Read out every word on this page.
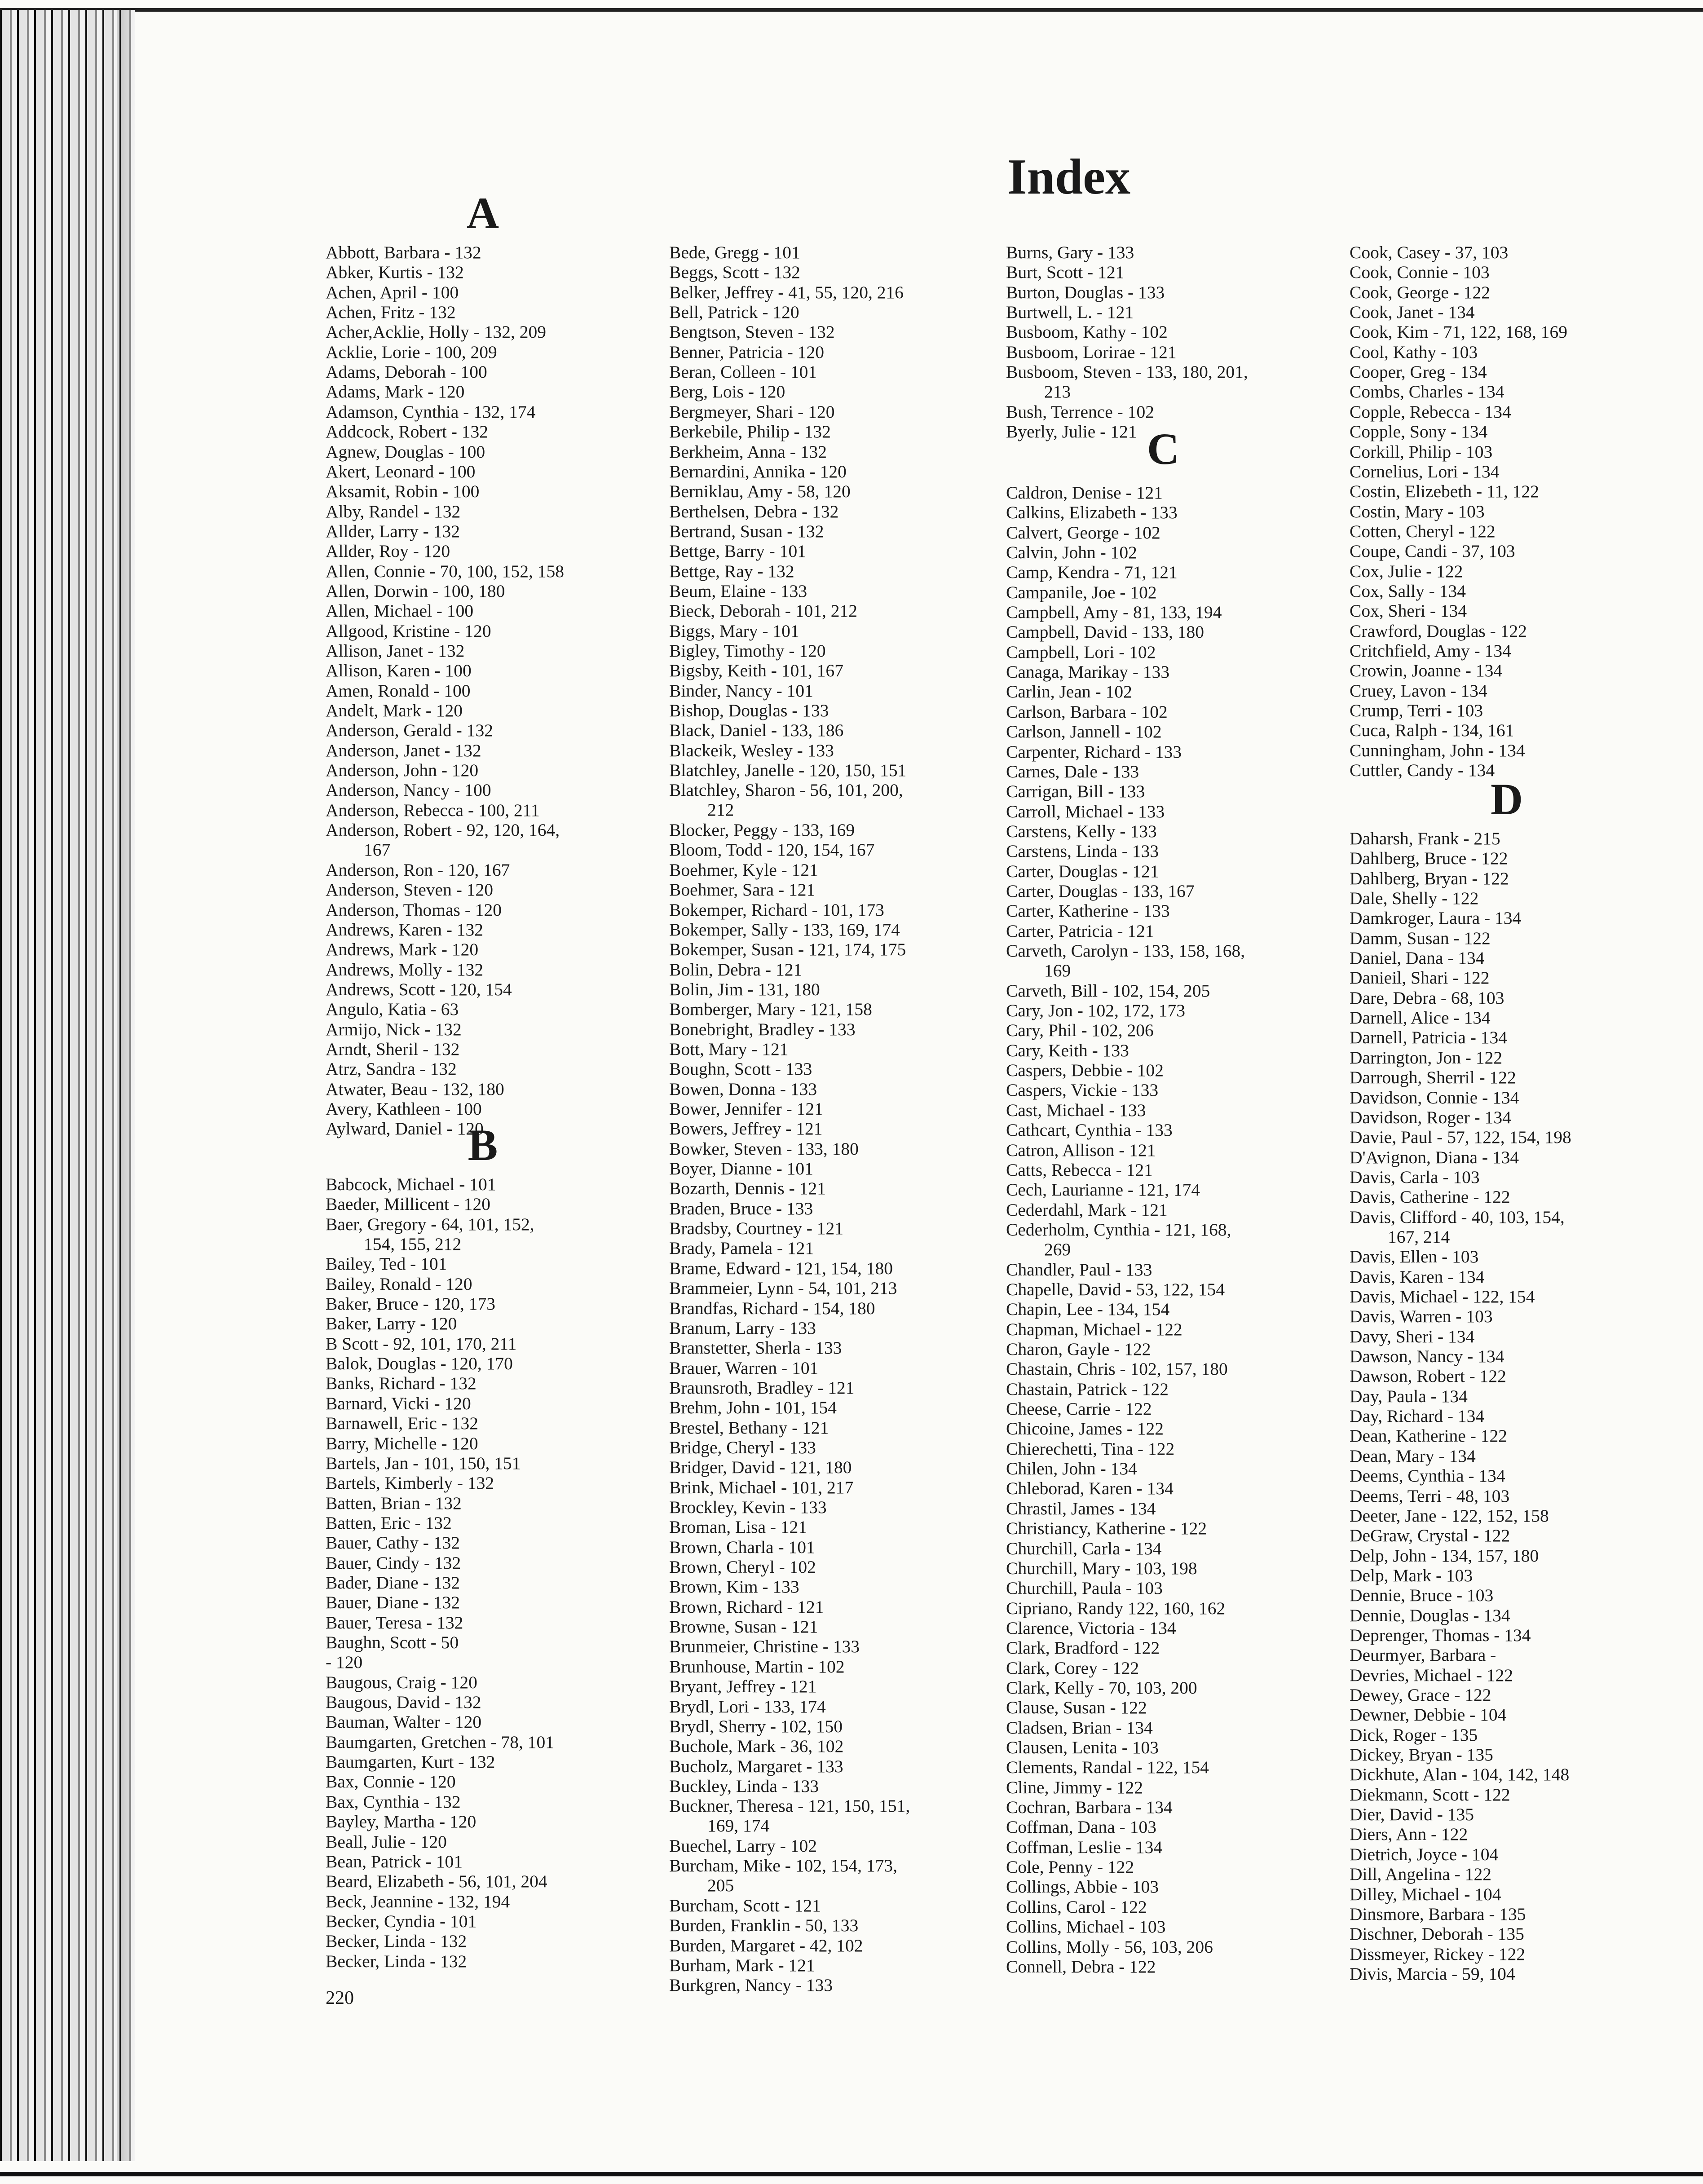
Index
A
Abbott, Barbara - 132
Abker, Kurtis - 132
Achen, April - 100
Achen, Fritz - 132
Acher,Acklie, Holly - 132, 209
Acklie, Lorie - 100, 209
Adams, Deborah - 100
Adams, Mark - 120
Adamson, Cynthia - 132, 174
Addcock, Robert - 132
Agnew, Douglas - 100
Akert, Leonard - 100
Aksamit, Robin - 100
Alby, Randel - 132
Allder, Larry - 132
Allder, Roy - 120
Allen, Connie - 70, 100, 152, 158
Allen, Dorwin - 100, 180
Allen, Michael - 100
Allgood, Kristine - 120
Allison, Janet - 132
Allison, Karen - 100
Amen, Ronald - 100
Andelt, Mark - 120
Anderson, Gerald - 132
Anderson, Janet - 132
Anderson, John - 120
Anderson, Nancy - 100
Anderson, Rebecca - 100, 211
Anderson, Robert - 92, 120, 164,
167
Anderson, Ron - 120, 167
Anderson, Steven - 120
Anderson, Thomas - 120
Andrews, Karen - 132
Andrews, Mark - 120
Andrews, Molly - 132
Andrews, Scott - 120, 154
Angulo, Katia - 63
Armijo, Nick - 132
Arndt, Sheril - 132
Atrz, Sandra - 132
Atwater, Beau - 132, 180
Avery, Kathleen - 100
Aylward, Daniel - 120
B
Babcock, Michael - 101
Baeder, Millicent - 120
Baer, Gregory - 64, 101, 152,
154, 155, 212
Bailey, Ted - 101
Bailey, Ronald - 120
Baker, Bruce - 120, 173
Baker, Larry - 120
B Scott - 92, 101, 170, 211
Balok, Douglas - 120, 170
Banks, Richard - 132
Barnard, Vicki - 120
Barnawell, Eric - 132
Barry, Michelle - 120
Bartels, Jan - 101, 150, 151
Bartels, Kimberly - 132
Batten, Brian - 132
Batten, Eric - 132
Bauer, Cathy - 132
Bauer, Cindy - 132
Bader, Diane - 132
Bauer, Diane - 132
Bauer, Teresa - 132
Baughn, Scott - 50
- 120
Baugous, Craig - 120
Baugous, David - 132
Bauman, Walter - 120
Baumgarten, Gretchen - 78, 101
Baumgarten, Kurt - 132
Bax, Connie - 120
Bax, Cynthia - 132
Bayley, Martha - 120
Beall, Julie - 120
Bean, Patrick - 101
Beard, Elizabeth - 56, 101, 204
Beck, Jeannine - 132, 194
Becker, Cyndia - 101
Becker, Linda - 132
Becker, Linda - 132
Bede, Gregg - 101
Beggs, Scott - 132
Belker, Jeffrey - 41, 55, 120, 216
Bell, Patrick - 120
Bengtson, Steven - 132
Benner, Patricia - 120
Beran, Colleen - 101
Berg, Lois - 120
Bergmeyer, Shari - 120
Berkebile, Philip - 132
Berkheim, Anna - 132
Bernardini, Annika - 120
Berniklau, Amy - 58, 120
Berthelsen, Debra - 132
Bertrand, Susan - 132
Bettge, Barry - 101
Bettge, Ray - 132
Beum, Elaine - 133
Bieck, Deborah - 101, 212
Biggs, Mary - 101
Bigley, Timothy - 120
Bigsby, Keith - 101, 167
Binder, Nancy - 101
Bishop, Douglas - 133
Black, Daniel - 133, 186
Blackeik, Wesley - 133
Blatchley, Janelle - 120, 150, 151
Blatchley, Sharon - 56, 101, 200,
212
Blocker, Peggy - 133, 169
Bloom, Todd - 120, 154, 167
Boehmer, Kyle - 121
Boehmer, Sara - 121
Bokemper, Richard - 101, 173
Bokemper, Sally - 133, 169, 174
Bokemper, Susan - 121, 174, 175
Bolin, Debra - 121
Bolin, Jim - 131, 180
Bomberger, Mary - 121, 158
Bonebright, Bradley - 133
Bott, Mary - 121
Boughn, Scott - 133
Bowen, Donna - 133
Bower, Jennifer - 121
Bowers, Jeffrey - 121
Bowker, Steven - 133, 180
Boyer, Dianne - 101
Bozarth, Dennis - 121
Braden, Bruce - 133
Bradsby, Courtney - 121
Brady, Pamela - 121
Brame, Edward - 121, 154, 180
Brammeier, Lynn - 54, 101, 213
Brandfas, Richard - 154, 180
Branum, Larry - 133
Branstetter, Sherla - 133
Brauer, Warren - 101
Braunsroth, Bradley - 121
Brehm, John - 101, 154
Brestel, Bethany - 121
Bridge, Cheryl - 133
Bridger, David - 121, 180
Brink, Michael - 101, 217
Brockley, Kevin - 133
Broman, Lisa - 121
Brown, Charla - 101
Brown, Cheryl - 102
Brown, Kim - 133
Brown, Richard - 121
Browne, Susan - 121
Brunmeier, Christine - 133
Brunhouse, Martin - 102
Bryant, Jeffrey - 121
Brydl, Lori - 133, 174
Brydl, Sherry - 102, 150
Buchole, Mark - 36, 102
Bucholz, Margaret - 133
Buckley, Linda - 133
Buckner, Theresa - 121, 150, 151,
169, 174
Buechel, Larry - 102
Burcham, Mike - 102, 154, 173,
205
Burcham, Scott - 121
Burden, Franklin - 50, 133
Burden, Margaret - 42, 102
Burham, Mark - 121
Burkgren, Nancy - 133
Burns, Gary - 133
Burt, Scott - 121
Burton, Douglas - 133
Burtwell, L. - 121
Busboom, Kathy - 102
Busboom, Lorirae - 121
Busboom, Steven - 133, 180, 201,
213
Bush, Terrence - 102
Byerly, Julie - 121 C
Caldron, Denise - 121
Calkins, Elizabeth - 133
Calvert, George - 102
Calvin, John - 102
Camp, Kendra - 71, 121
Campanile, Joe - 102
Campbell, Amy - 81, 133, 194
Campbell, David - 133, 180
Campbell, Lori - 102
Canaga, Marikay - 133
Carlin, Jean - 102
Carlson, Barbara - 102
Carlson, Jannell - 102
Carpenter, Richard - 133
Carnes, Dale - 133
Carrigan, Bill - 133
Carroll, Michael - 133
Carstens, Kelly - 133
Carstens, Linda - 133
Carter, Douglas - 121
Carter, Douglas - 133, 167
Carter, Katherine - 133
Carter, Patricia - 121
Carveth, Carolyn - 133, 158, 168,
169
Carveth, Bill - 102, 154, 205
Cary, Jon - 102, 172, 173
Cary, Phil - 102, 206
Cary, Keith - 133
Caspers, Debbie - 102
Caspers, Vickie - 133
Cast, Michael - 133
Cathcart, Cynthia - 133
Catron, Allison - 121
Catts, Rebecca - 121
Cech, Laurianne - 121, 174
Cederdahl, Mark - 121
Cederholm, Cynthia - 121, 168,
269
Chandler, Paul - 133
Chapelle, David - 53, 122, 154
Chapin, Lee - 134, 154
Chapman, Michael - 122
Charon, Gayle - 122
Chastain, Chris - 102, 157, 180
Chastain, Patrick - 122
Cheese, Carrie - 122
Chicoine, James - 122
Chierechetti, Tina - 122
Chilen, John - 134
Chleborad, Karen - 134
Chrastil, James - 134
Christiancy, Katherine - 122
Churchill, Carla - 134
Churchill, Mary - 103, 198
Churchill, Paula - 103
Cipriano, Randy 122, 160, 162
Clarence, Victoria - 134
Clark, Bradford - 122
Clark, Corey - 122
Clark, Kelly - 70, 103, 200
Clause, Susan - 122
Cladsen, Brian - 134
Clausen, Lenita - 103
Clements, Randal - 122, 154
Cline, Jimmy - 122
Cochran, Barbara - 134
Coffman, Dana - 103
Coffman, Leslie - 134
Cole, Penny - 122
Collings, Abbie - 103
Collins, Carol - 122
Collins, Michael - 103
Collins, Molly - 56, 103, 206
Connell, Debra - 122
Cook, Casey - 37, 103
Cook, Connie - 103
Cook, George - 122
Cook, Janet - 134
Cook, Kim - 71, 122, 168, 169
Cool, Kathy - 103
Cooper, Greg - 134
Combs, Charles - 134
Copple, Rebecca - 134
Copple, Sony - 134
Corkill, Philip - 103
Cornelius, Lori - 134
Costin, Elizebeth - 11, 122
Costin, Mary - 103
Cotten, Cheryl - 122
Coupe, Candi - 37, 103
Cox, Julie - 122
Cox, Sally - 134
Cox, Sheri - 134
Crawford, Douglas - 122
Critchfield, Amy - 134
Crowin, Joanne - 134
Cruey, Lavon - 134
Crump, Terri - 103
Cuca, Ralph - 134, 161
Cunningham, John - 134
Cuttler, Candy - 134
D
Daharsh, Frank - 215
Dahlberg, Bruce - 122
Dahlberg, Bryan - 122
Dale, Shelly - 122
Damkroger, Laura - 134
Damm, Susan - 122
Daniel, Dana - 134
Danieil, Shari - 122
Dare, Debra - 68, 103
Darnell, Alice - 134
Darnell, Patricia - 134
Darrington, Jon - 122
Darrough, Sherril - 122
Davidson, Connie - 134
Davidson, Roger - 134
Davie, Paul - 57, 122, 154, 198
D'Avignon, Diana - 134
Davis, Carla - 103
Davis, Catherine - 122
Davis, Clifford - 40, 103, 154,
167, 214
Davis, Ellen - 103
Davis, Karen - 134
Davis, Michael - 122, 154
Davis, Warren - 103
Davy, Sheri - 134
Dawson, Nancy - 134
Dawson, Robert - 122
Day, Paula - 134
Day, Richard - 134
Dean, Katherine - 122
Dean, Mary - 134
Deems, Cynthia - 134
Deems, Terri - 48, 103
Deeter, Jane - 122, 152, 158
DeGraw, Crystal - 122
Delp, John - 134, 157, 180
Delp, Mark - 103
Dennie, Bruce - 103
Dennie, Douglas - 134
Deprenger, Thomas - 134
Deurmyer, Barbara -
Devries, Michael - 122
Dewey, Grace - 122
Dewner, Debbie - 104
Dick, Roger - 135
Dickey, Bryan - 135
Dickhute, Alan - 104, 142, 148
Diekmann, Scott - 122
Dier, David - 135
Diers, Ann - 122
Dietrich, Joyce - 104
Dill, Angelina - 122
Dilley, Michael - 104
Dinsmore, Barbara - 135
Dischner, Deborah - 135
Dissmeyer, Rickey - 122
Divis, Marcia - 59, 104
220
